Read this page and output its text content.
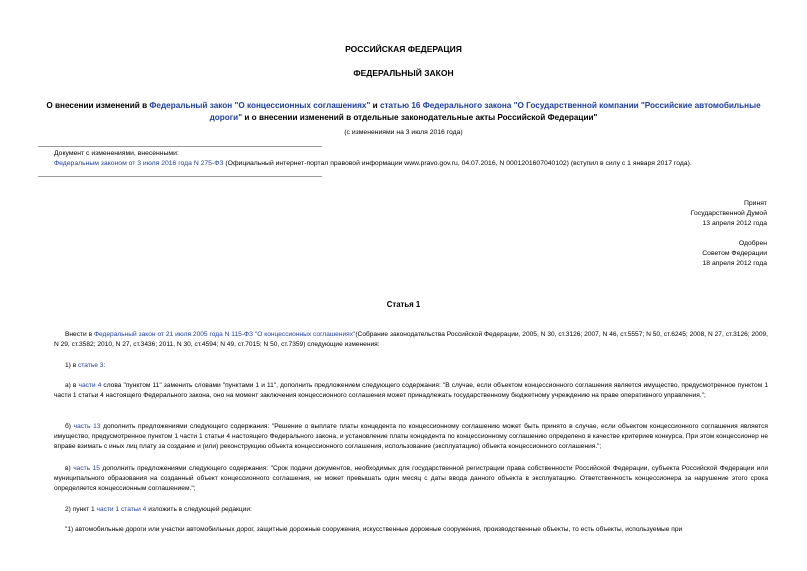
РОССИЙСКАЯ ФЕДЕРАЦИЯ
ФЕДЕРАЛЬНЫЙ ЗАКОН
О внесении изменений в Федеральный закон "О концессионных соглашениях" и статью 16 Федерального закона "О Государственной компании "Российские автомобильные дороги" и о внесении изменений в отдельные законодательные акты Российской Федерации"
(с изменениями на 3 июля 2016 года)
Документ с изменениями, внесенными:
Федеральным законом от 3 июля 2016 года N 275-ФЗ (Официальный интернет-портал правовой информации www.pravo.gov.ru, 04.07.2016, N 0001201607040102) (вступил в силу с 1 января 2017 года).
Принят
Государственной Думой
13 апреля 2012 года
Одобрен
Советом Федерации
18 апреля 2012 года
Статья 1
Внести в Федеральный закон от 21 июля 2005 года N 115-ФЗ "О концессионных соглашениях"(Собрание законодательства Российской Федерации, 2005, N 30, ст.3126; 2007, N 46, ст.5557; N 50, ст.6245; 2008, N 27, ст.3126; 2009, N 29, ст.3582; 2010, N 27, ст.3436; 2011, N 30, ст.4594; N 49, ст.7015; N 50, ст.7359) следующие изменения:
1) в статье 3:
а) в части 4 слова "пунктом 11" заменить словами "пунктами 1 и 11", дополнить предложением следующего содержания: "В случае, если объектом концессионного соглашения является имущество, предусмотренное пунктом 1 части 1 статьи 4 настоящего Федерального закона, оно на момент заключения концессионного соглашения может принадлежать государственному бюджетному учреждению на праве оперативного управления.";
б) часть 13 дополнить предложениями следующего содержания: "Решение о выплате платы концедента по концессионному соглашению может быть принято в случае, если объектом концессионного соглашения является имущество, предусмотренное пунктом 1 части 1 статьи 4 настоящего Федерального закона, и установление платы концедента по концессионному соглашению определено в качестве критериев конкурса. При этом концессионер не вправе взимать с иных лиц плату за создание и (или) реконструкцию объекта концессионного соглашения, использование (эксплуатацию) объекта концессионного соглашения.";
в) часть 15 дополнить предложениями следующего содержания: "Срок подачи документов, необходимых для государственной регистрации права собственности Российской Федерации, субъекта Российской Федерации или муниципального образования на созданный объект концессионного соглашения, не может превышать один месяц с даты ввода данного объекта в эксплуатацию. Ответственность концессионера за нарушение этого срока определяется концессионным соглашением.";
2) пункт 1 части 1 статьи 4 изложить в следующей редакции:
"1) автомобильные дороги или участки автомобильных дорог, защитные дорожные сооружения, искусственные дорожные сооружения, производственные объекты, то есть объекты, используемые при
